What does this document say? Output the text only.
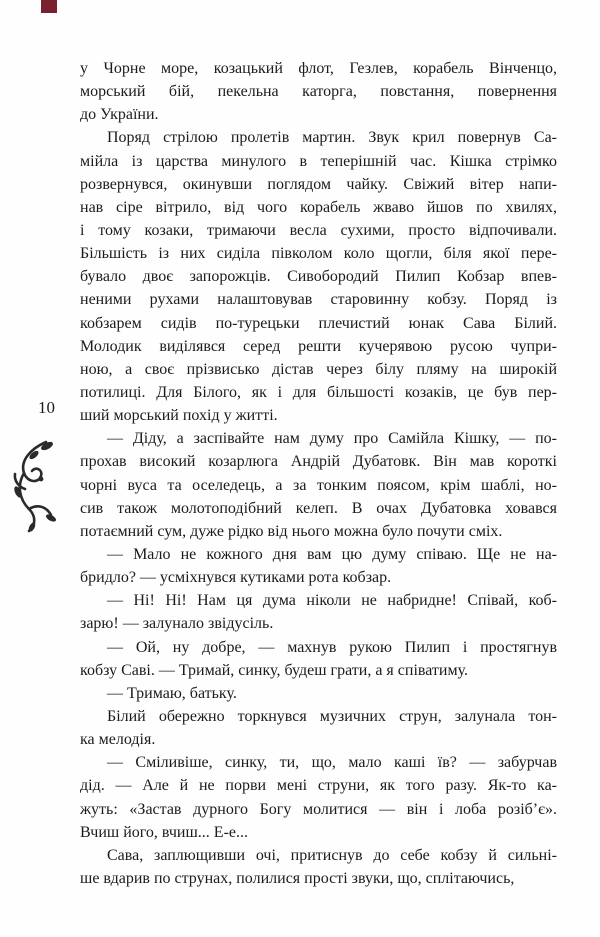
10
у Чорне море, козацький флот, Гезлев, корабель Вінченцо,
морський бій, пекельна каторга, повстання, повернення
до України.
Поряд стрілою пролетів мартин. Звук крил повернув Са-
мійла із царства минулого в теперішній час. Кішка стрімко
розвернувся, окинувши поглядом чайку. Свіжий вітер напи-
нав сіре вітрило, від чого корабель жваво йшов по хвилях,
і тому козаки, тримаючи весла сухими, просто відпочивали.
Більшість із них сиділа півколом коло щогли, біля якої пере-
бувало двоє запорожців. Сивобородий Пилип Кобзар впев-
неними рухами налаштовував старовинну кобзу. Поряд із
кобзарем сидів по-турецьки плечистий юнак Сава Білий.
Молодик виділявся серед решти кучерявою русою чупри-
ною, а своє прізвисько дістав через білу пляму на широкій
потилиці. Для Білого, як і для більшості козаків, це був пер-
ший морський похід у житті.
— Діду, а заспівайте нам думу про Самійла Кішку, — по-
прохав високий козарлюга Андрій Дубатовк. Він мав короткі
чорні вуса та оселедець, а за тонким поясом, крім шаблі, но-
сив також молотоподібний келеп. В очах Дубатовка ховався
потаємний сум, дуже рідко від нього можна було почути сміх.
— Мало не кожного дня вам цю думу співаю. Ще не на-
бридло? — усміхнувся кутиками рота кобзар.
— Ні! Ні! Нам ця дума ніколи не набридне! Співай, коб-
зарю! — залунало звідусіль.
— Ой, ну добре, — махнув рукою Пилип і простягнув
кобзу Саві. — Тримай, синку, будеш грати, а я співатиму.
— Тримаю, батьку.
Білий обережно торкнувся музичних струн, залунала тон-
ка мелодія.
— Сміливіше, синку, ти, що, мало каші їв? — забурчав
дід. — Але й не порви мені струни, як того разу. Як-то ка-
жуть: «Застав дурного Богу молитися — він і лоба розіб’є».
Вчиш його, вчиш... Е-е...
Сава, заплющивши очі, притиснув до себе кобзу й сильні-
ше вдарив по струнах, полилися прості звуки, що, сплітаючись,
